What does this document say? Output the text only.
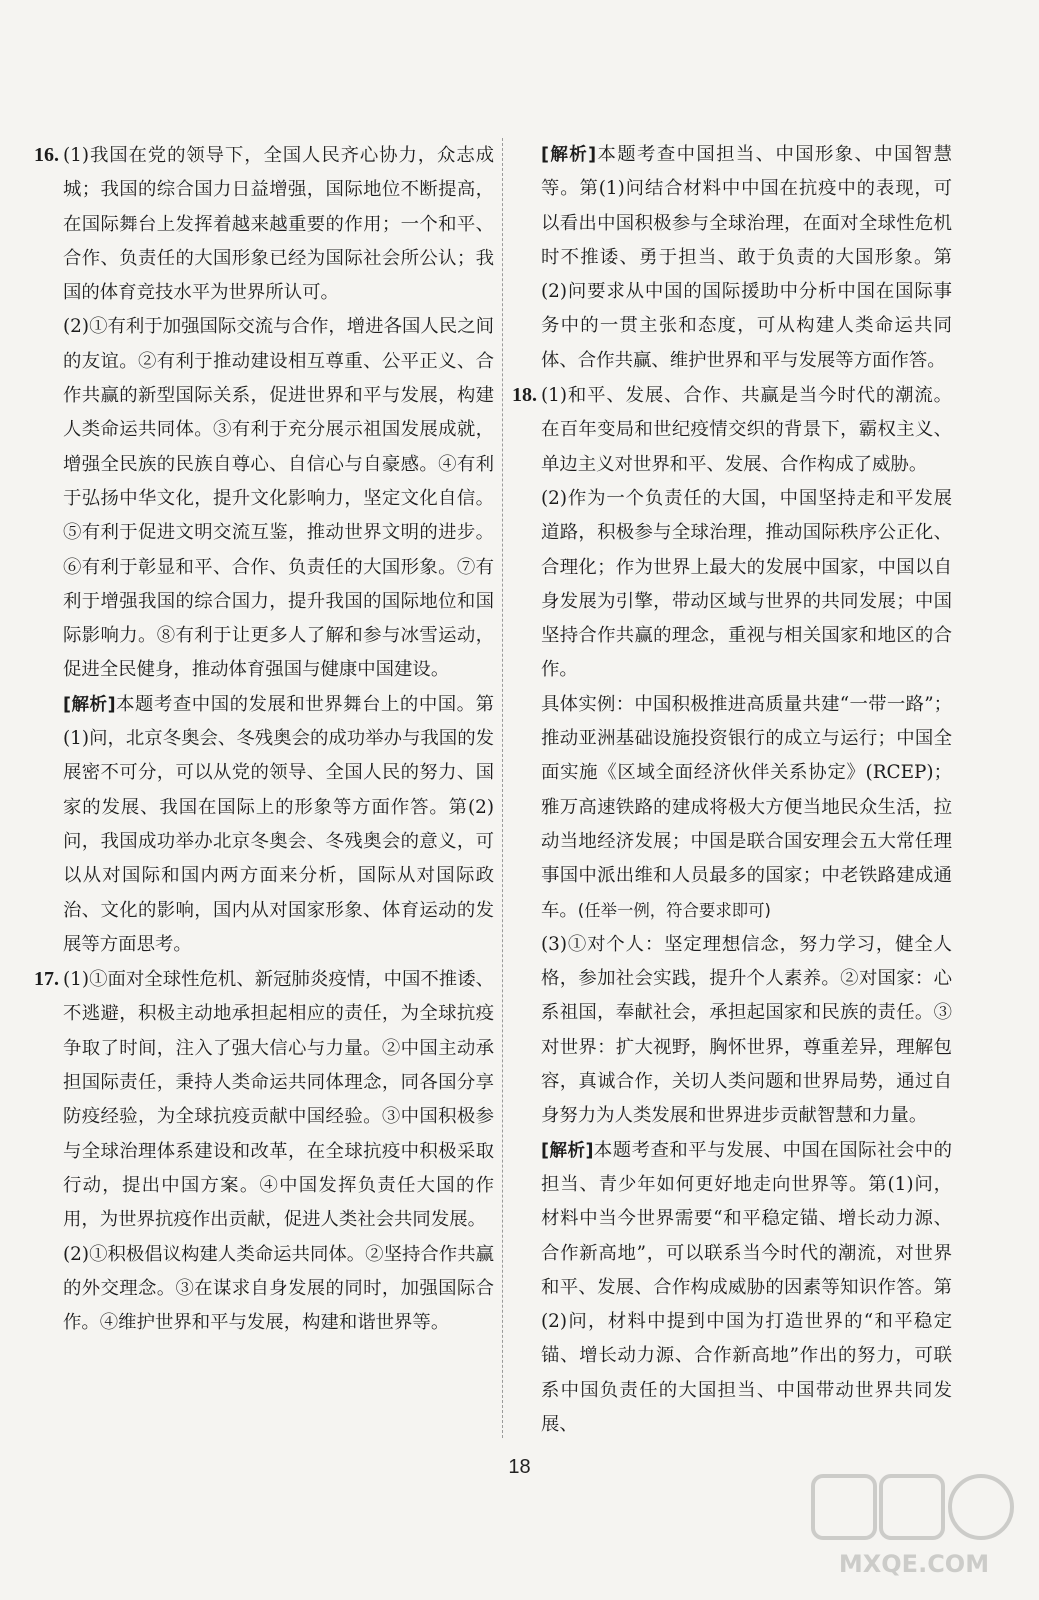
16. (1)我国在党的领导下，全国人民齐心协力，众志成城；我国的综合国力日益增强，国际地位不断提高，在国际舞台上发挥着越来越重要的作用；一个和平、合作、负责任的大国形象已经为国际社会所公认；我国的体育竞技水平为世界所认可。

(2)①有利于加强国际交流与合作，增进各国人民之间的友谊。②有利于推动建设相互尊重、公平正义、合作共赢的新型国际关系，促进世界和平与发展，构建人类命运共同体。③有利于充分展示祖国发展成就，增强全民族的民族自尊心、自信心与自豪感。④有利于弘扬中华文化，提升文化影响力，坚定文化自信。⑤有利于促进文明交流互鉴，推动世界文明的进步。⑥有利于彰显和平、合作、负责任的大国形象。⑦有利于增强我国的综合国力，提升我国的国际地位和国际影响力。⑧有利于让更多人了解和参与冰雪运动，促进全民健身，推动体育强国与健康中国建设。

[解析]本题考查中国的发展和世界舞台上的中国。第(1)问，北京冬奥会、冬残奥会的成功举办与我国的发展密不可分，可以从党的领导、全国人民的努力、国家的发展、我国在国际上的形象等方面作答。第(2)问，我国成功举办北京冬奥会、冬残奥会的意义，可以从对国际和国内两方面来分析，国际从对国际政治、文化的影响，国内从对国家形象、体育运动的发展等方面思考。

17. (1)①面对全球性危机、新冠肺炎疫情，中国不推诿、不逃避，积极主动地承担起相应的责任，为全球抗疫争取了时间，注入了强大信心与力量。②中国主动承担国际责任，秉持人类命运共同体理念，同各国分享防疫经验，为全球抗疫贡献中国经验。③中国积极参与全球治理体系建设和改革，在全球抗疫中积极采取行动，提出中国方案。④中国发挥负责任大国的作用，为世界抗疫作出贡献，促进人类社会共同发展。

(2)①积极倡议构建人类命运共同体。②坚持合作共赢的外交理念。③在谋求自身发展的同时，加强国际合作。④维护世界和平与发展，构建和谐世界等。

[解析]本题考查中国担当、中国形象、中国智慧等。第(1)问结合材料中中国在抗疫中的表现，可以看出中国积极参与全球治理，在面对全球性危机时不推诿、勇于担当、敢于负责的大国形象。第(2)问要求从中国的国际援助中分析中国在国际事务中的一贯主张和态度，可从构建人类命运共同体、合作共赢、维护世界和平与发展等方面作答。

18. (1)和平、发展、合作、共赢是当今时代的潮流。在百年变局和世纪疫情交织的背景下，霸权主义、单边主义对世界和平、发展、合作构成了威胁。

(2)作为一个负责任的大国，中国坚持走和平发展道路，积极参与全球治理，推动国际秩序公正化、合理化；作为世界上最大的发展中国家，中国以自身发展为引擎，带动区域与世界的共同发展；中国坚持合作共赢的理念，重视与相关国家和地区的合作。

具体实例：中国积极推进高质量共建“一带一路”；推动亚洲基础设施投资银行的成立与运行；中国全面实施《区域全面经济伙伴关系协定》(RCEP)；雅万高速铁路的建成将极大方便当地民众生活，拉动当地经济发展；中国是联合国安理会五大常任理事国中派出维和人员最多的国家；中老铁路建成通车。(任举一例，符合要求即可)

(3)①对个人：坚定理想信念，努力学习，健全人格，参加社会实践，提升个人素养。②对国家：心系祖国，奉献社会，承担起国家和民族的责任。③对世界：扩大视野，胸怀世界，尊重差异，理解包容，真诚合作，关切人类问题和世界局势，通过自身努力为人类发展和世界进步贡献智慧和力量。

[解析]本题考查和平与发展、中国在国际社会中的担当、青少年如何更好地走向世界等。第(1)问，材料中当今世界需要“和平稳定锚、增长动力源、合作新高地”，可以联系当今时代的潮流，对世界和平、发展、合作构成威胁的因素等知识作答。第(2)问，材料中提到中国为打造世界的“和平稳定锚、增长动力源、合作新高地”作出的努力，可联系中国负责任的大国担当、中国带动世界共同发展、

18
MXQE.COM
